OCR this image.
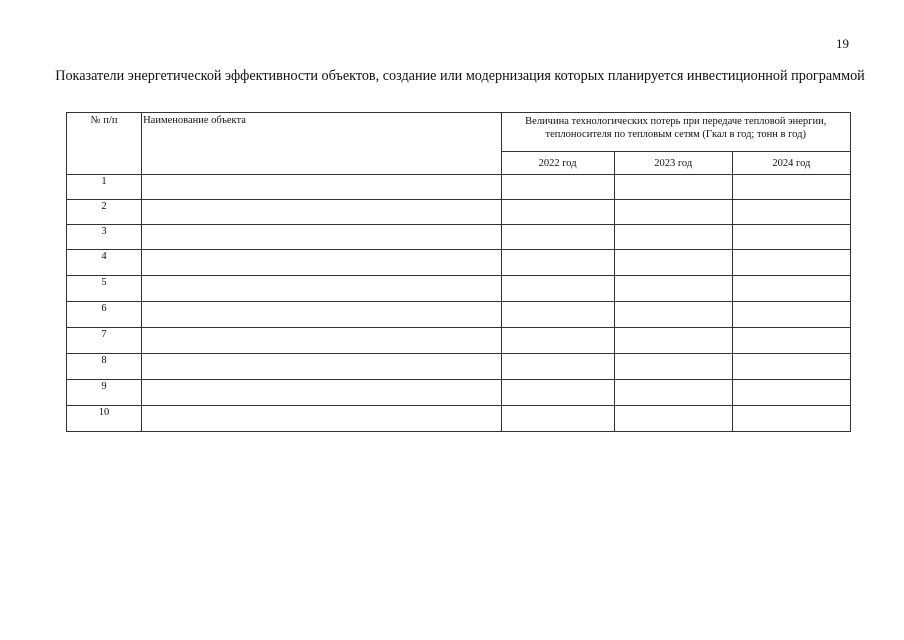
19
Показатели энергетической эффективности объектов, создание или модернизация которых планируется инвестиционной программой
№ п/п	Наименование объекта	Величина технологических потерь при передаче тепловой энергии, теплоносителя по тепловым сетям (Гкал в год; тонн в год)		
		2022 год	2023 год	2024 год
1				
2				
3				
4				
5				
6				
7				
8				
9				
10				
